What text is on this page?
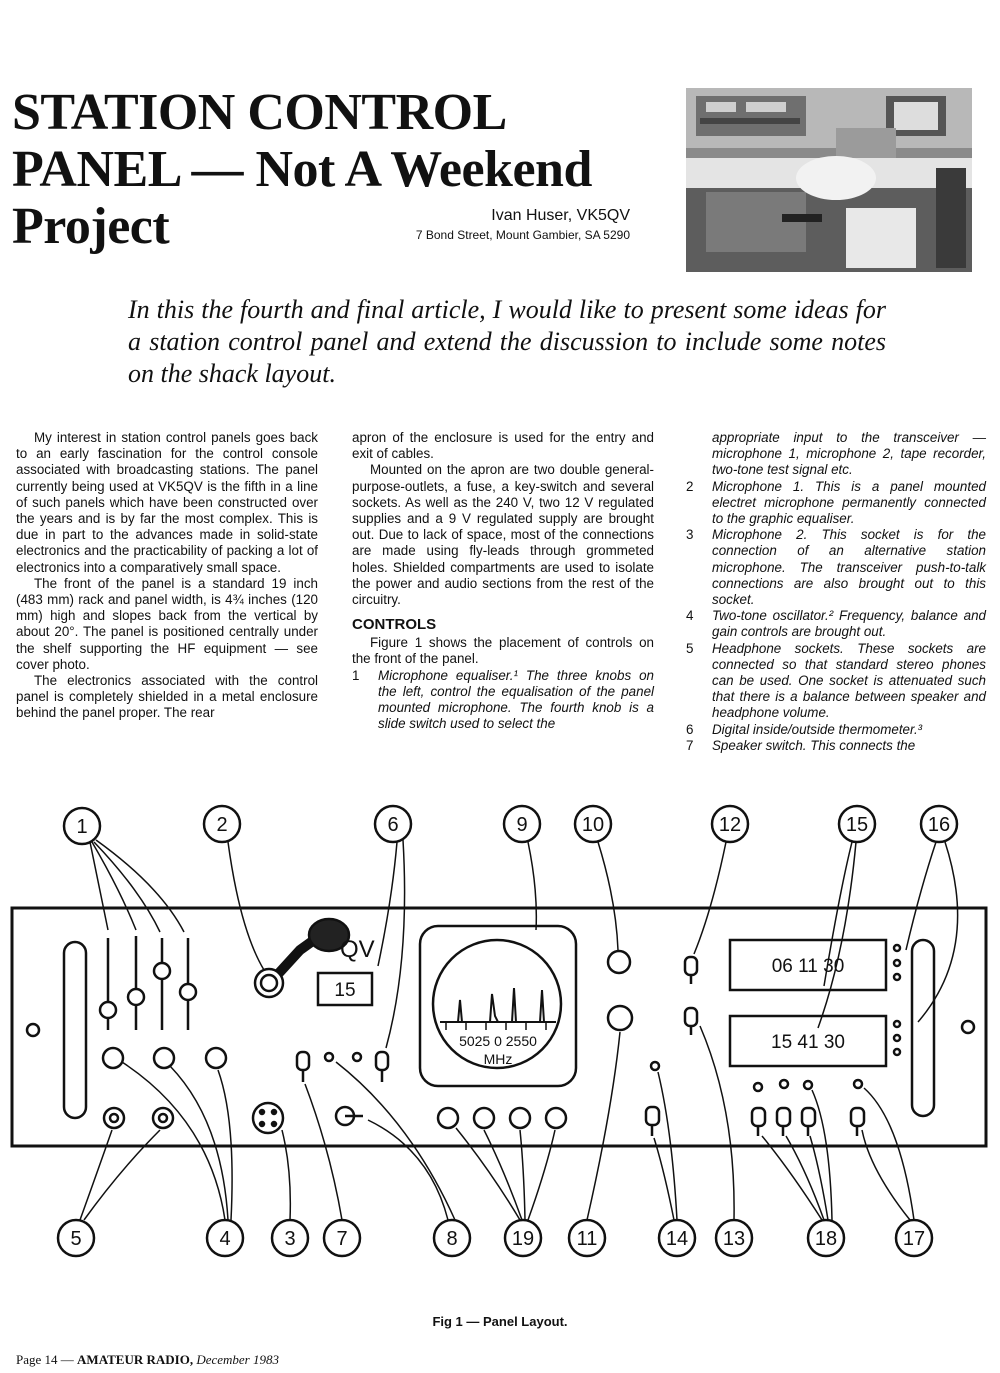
STATION CONTROL
PANEL — Not A Weekend
Project	Ivan Huser, VK5QV
7 Bond Street, Mount Gambier, SA 5290
In this the fourth and final article, I would like to present some ideas for a station control panel and extend the discussion to include some notes on the shack layout.

My interest in station control panels goes back to an early fascination for the control console associated with broadcasting stations. The panel currently being used at VK5QV is the fifth in a line of such panels which have been constructed over the years and is by far the most complex. This is due in part to the advances made in solid-state electronics and the practicability of packing a lot of electronics into a comparatively small space.

The front of the panel is a standard 19 inch (483 mm) rack and panel width, is 4¾ inches (120 mm) high and slopes back from the vertical by about 20°. The panel is positioned centrally under the shelf supporting the HF equipment — see cover photo.

The electronics associated with the control panel is completely shielded in a metal enclosure behind the panel proper. The rear

apron of the enclosure is used for the entry and exit of cables.

Mounted on the apron are two double general-purpose-outlets, a fuse, a key-switch and several sockets. As well as the 240 V, two 12 V regulated supplies and a 9 V regulated supply are brought out. Due to lack of space, most of the connections are made using fly-leads through grommeted holes. Shielded compartments are used to isolate the power and audio sections from the rest of the circuitry.

CONTROLS

Figure 1 shows the placement of controls on the front of the panel.

1 Microphone equaliser.¹ The three knobs on the left, control the equalisation of the panel mounted microphone. The fourth knob is a slide switch used to select the
appropriate input to the transceiver — microphone 1, microphone 2, tape recorder, two-tone test signal etc.
2 Microphone 1. This is a panel mounted electret microphone permanently connected to the graphic equaliser.
3 Microphone 2. This socket is for the connection of an alternative station microphone. The transceiver push-to-talk connections are also brought out to this socket.
4 Two-tone oscillator.² Frequency, balance and gain controls are brought out.
5 Headphone sockets. These sockets are connected so that standard stereo phones can be used. One socket is attenuated such that there is a balance between speaker and headphone volume.
6 Digital inside/outside thermometer.³
7 Speaker switch. This connects the
15
06 11 30
15 41 30
QV
5025 0 2550
MHz
1	2	6	9	10	12	15	16
5	4	3 7	8	19 11	14 13	18	17
Fig 1 — Panel Layout.
Page 14 — AMATEUR RADIO, December 1983
